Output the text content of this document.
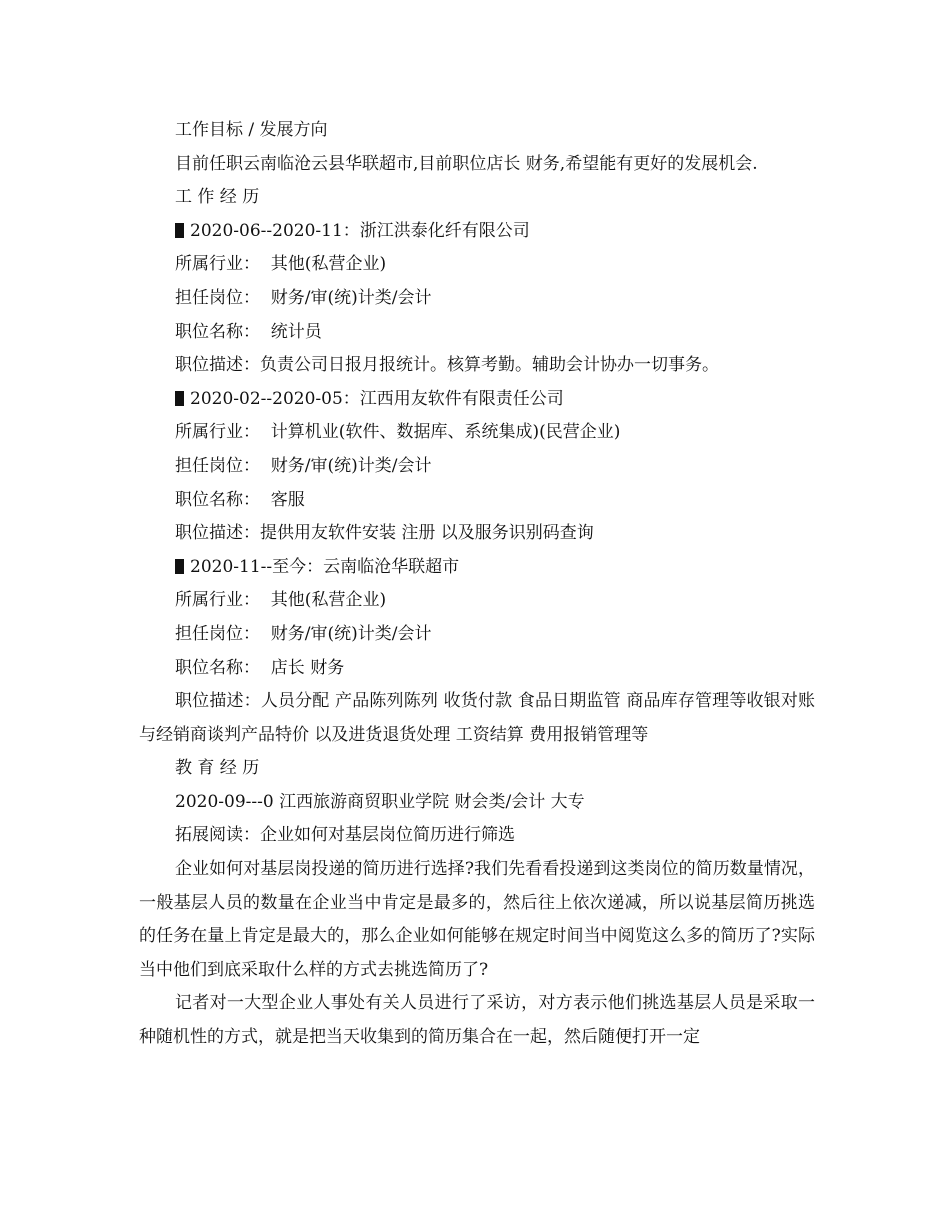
工作目标 / 发展方向
目前任职云南临沧云县华联超市,目前职位店长 财务,希望能有更好的发展机会.
工 作 经 历
2020-06--2020-11：浙江洪泰化纤有限公司
所属行业：  其他(私营企业)
担任岗位：  财务/审(统)计类/会计
职位名称：  统计员
职位描述：负责公司日报月报统计。核算考勤。辅助会计协办一切事务。
2020-02--2020-05：江西用友软件有限责任公司
所属行业：  计算机业(软件、数据库、系统集成)(民营企业)
担任岗位：  财务/审(统)计类/会计
职位名称：  客服
职位描述：提供用友软件安装 注册 以及服务识别码查询
2020-11--至今：云南临沧华联超市
所属行业：  其他(私营企业)
担任岗位：  财务/审(统)计类/会计
职位名称：  店长 财务
职位描述：人员分配 产品陈列陈列 收货付款 食品日期监管 商品库存管理等收银对账 与经销商谈判产品特价 以及进货退货处理 工资结算 费用报销管理等
教 育 经 历
2020-09---0 江西旅游商贸职业学院 财会类/会计 大专
拓展阅读：企业如何对基层岗位简历进行筛选
企业如何对基层岗投递的简历进行选择?我们先看看投递到这类岗位的简历数量情况，一般基层人员的数量在企业当中肯定是最多的，然后往上依次递减，所以说基层简历挑选的任务在量上肯定是最大的，那么企业如何能够在规定时间当中阅览这么多的简历了?实际当中他们到底采取什么样的方式去挑选简历了?
记者对一大型企业人事处有关人员进行了采访，对方表示他们挑选基层人员是采取一种随机性的方式，就是把当天收集到的简历集合在一起，然后随便打开一定
